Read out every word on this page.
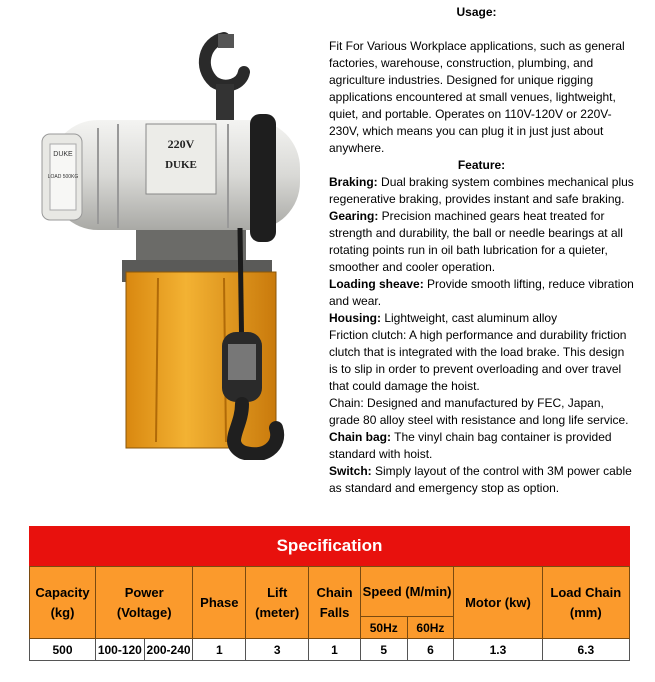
DUKE
LOAD 500KG
220V
DUKE
Usage:

Fit For Various Workplace applications, such as general factories, warehouse, construction, plumbing, and agriculture industries. Designed for unique rigging applications encountered at small venues, lightweight, quiet, and portable. Operates on 110V-120V or 220V-230V, which means you can plug it in just just about anywhere.

Feature:

Braking: Dual braking system combines mechanical plus regenerative braking, provides instant and safe braking.

Gearing: Precision machined gears heat treated for strength and durability, the ball or needle bearings at all rotating points run in oil bath lubrication for a quieter, smoother and cooler operation.

Loading sheave: Provide smooth lifting, reduce vibration and wear.

Housing: Lightweight, cast aluminum alloy

Friction clutch: A high performance and durability friction clutch that is integrated with the load brake. This design is to slip in order to prevent overloading and over travel that could damage the hoist.

Chain: Designed and manufactured by FEC, Japan, grade 80 alloy steel with resistance and long life service.

Chain bag: The vinyl chain bag container is provided standard with hoist.

Switch: Simply layout of the control with 3M power cable as standard and emergency stop as option.

Specification
Capacity (kg)	Power (Voltage)		Phase	Lift (meter)	Chain Falls	Speed (M/min)		Motor (kw)	Load Chain (mm)
						50Hz	60Hz		
500	100-120	200-240	1	3	1	5	6	1.3	6.3
